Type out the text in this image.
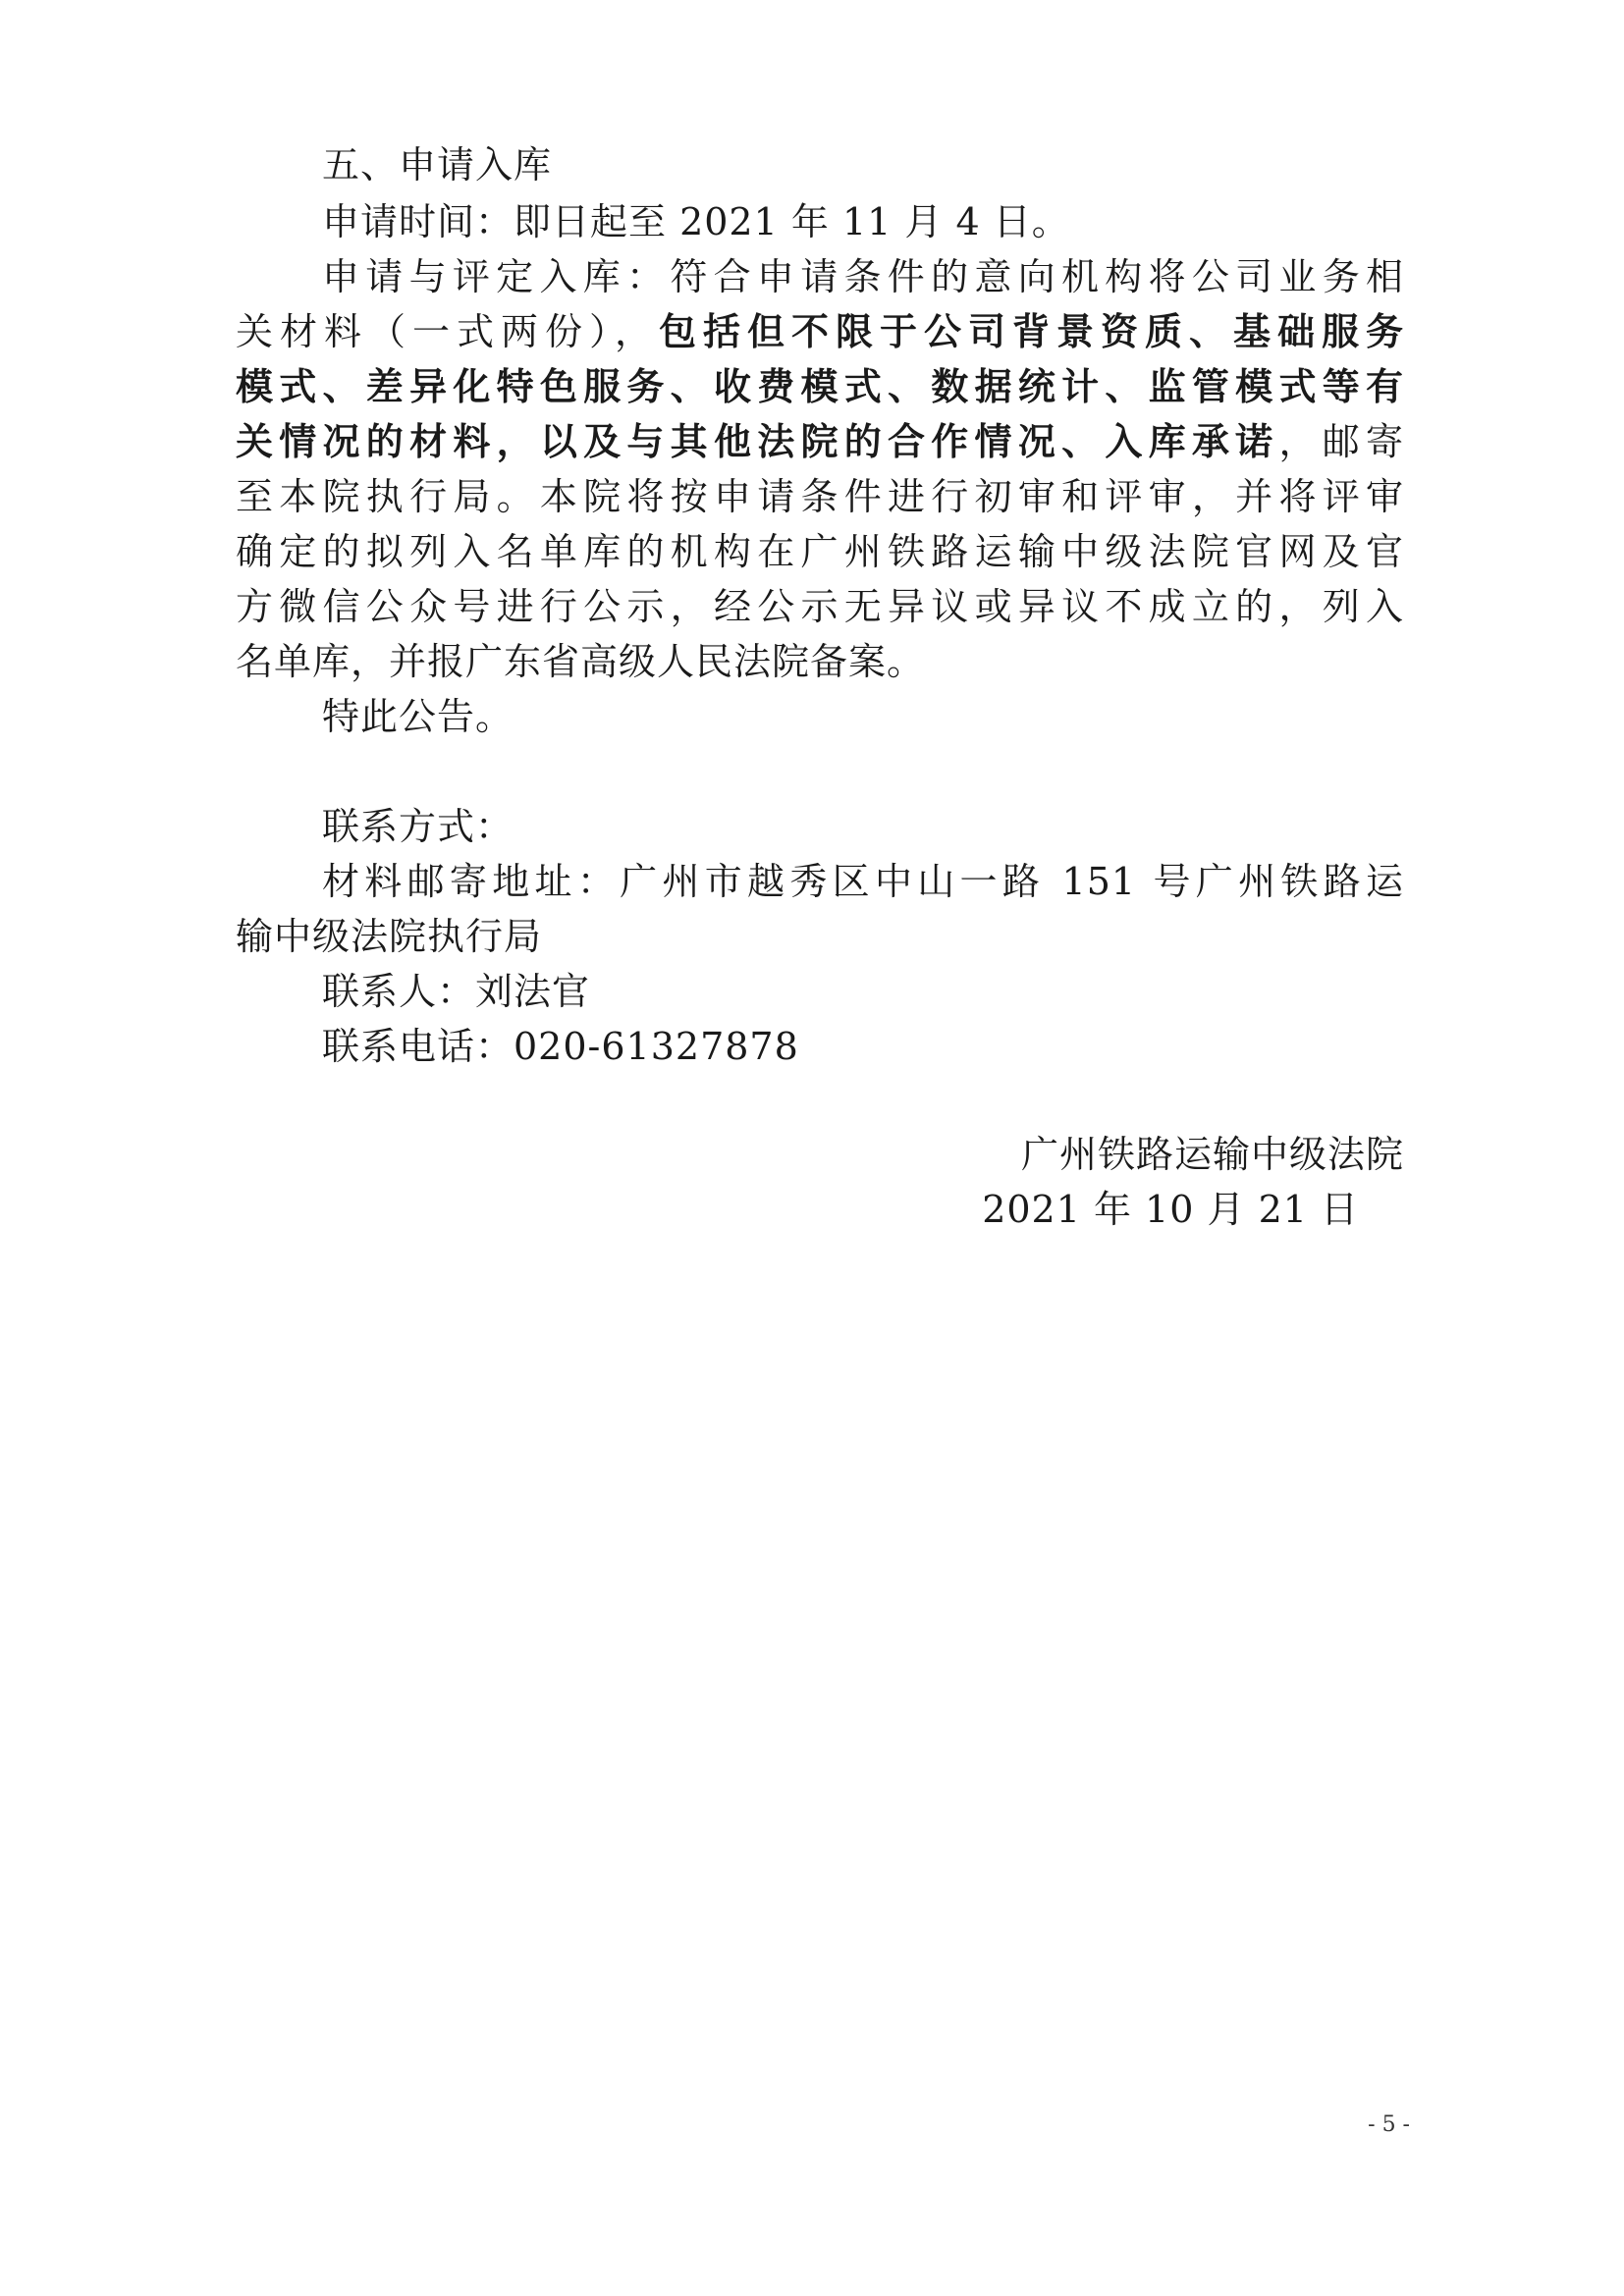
五、申请入库
申请时间：即日起至 2021 年 11 月 4 日。
申请与评定入库：符合申请条件的意向机构将公司业务相
关材料（一式两份），包括但不限于公司背景资质、基础服务
模式、差异化特色服务、收费模式、数据统计、监管模式等有
关情况的材料，以及与其他法院的合作情况、入库承诺，邮寄
至本院执行局。本院将按申请条件进行初审和评审，并将评审
确定的拟列入名单库的机构在广州铁路运输中级法院官网及官
方微信公众号进行公示，经公示无异议或异议不成立的，列入
名单库，并报广东省高级人民法院备案。
特此公告。
联系方式：
材料邮寄地址：广州市越秀区中山一路 151 号广州铁路运
输中级法院执行局
联系人：刘法官
联系电话：020-61327878
广州铁路运输中级法院
2021 年 10 月 21 日
- 5 -
